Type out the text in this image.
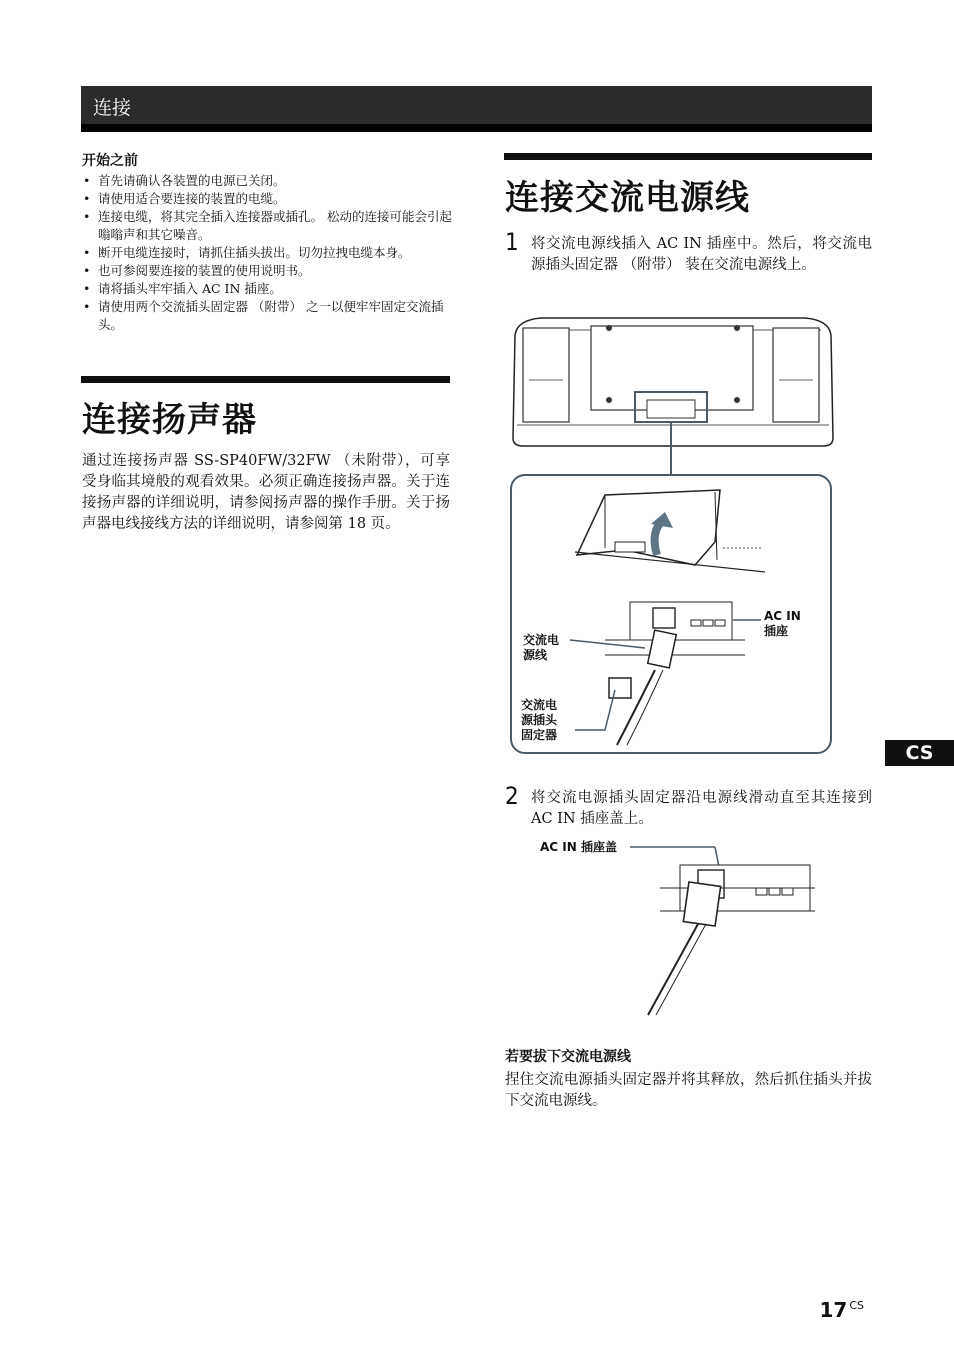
连接
开始之前
• 首先请确认各装置的电源已关闭。
• 请使用适合要连接的装置的电缆。
• 连接电缆，将其完全插入连接器或插孔。 松动的连接可能会引起嗡嗡声和其它噪音。
• 断开电缆连接时，请抓住插头拔出。切勿拉拽电缆本身。
• 也可参阅要连接的装置的使用说明书。
• 请将插头牢牢插入 AC IN 插座。
• 请使用两个交流插头固定器 （附带） 之一以便牢牢固定交流插头。
连接扬声器
通过连接扬声器 SS-SP40FW/32FW （未附带），可享受身临其境般的观看效果。必须正确连接扬声器。关于连接扬声器的详细说明，请参阅扬声器的操作手册。关于扬声器电线接线方法的详细说明，请参阅第 18 页。
连接交流电源线
1 将交流电源线插入 AC IN 插座中。然后，将交流电源插头固定器 （附带） 装在交流电源线上。
AC IN
插座
交流电
源线
交流电
源插头
固定器
2 将交流电源插头固定器沿电源线滑动直至其连接到 AC IN 插座盖上。
AC IN 插座盖
若要拔下交流电源线
捏住交流电源插头固定器并将其释放，然后抓住插头并拔下交流电源线。
CS
17 $^{CS}$
